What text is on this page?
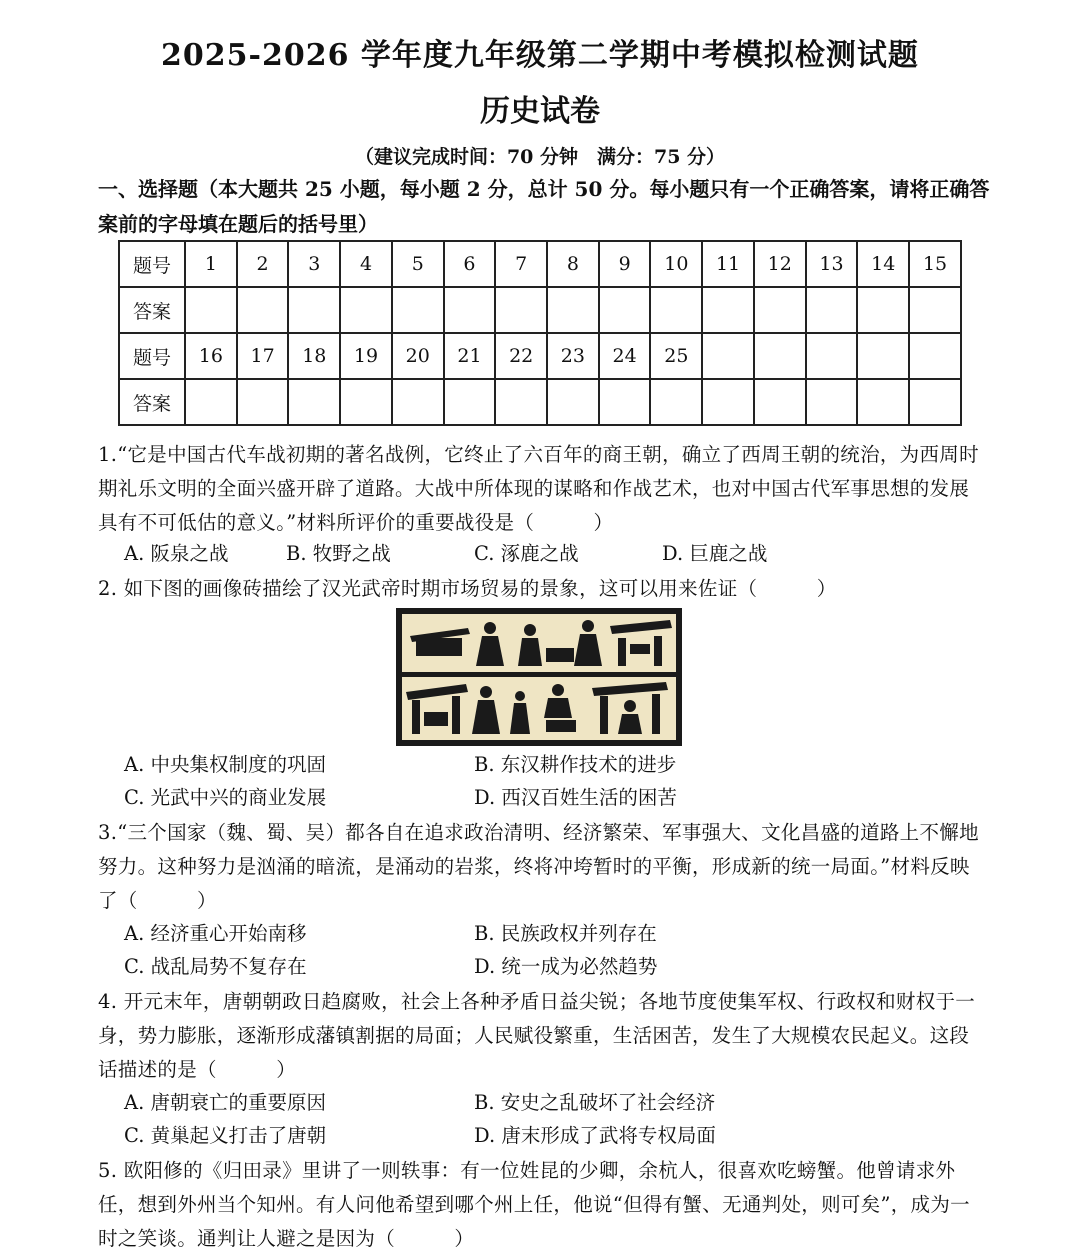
2025-2026 学年度九年级第二学期中考模拟检测试题
历史试卷
（建议完成时间：70 分钟　满分：75 分）
一、选择题（本大题共 25 小题，每小题 2 分，总计 50 分。每小题只有一个正确答案，请将正确答案前的字母填在题后的括号里）
题号	1	2	3	4	5	6	7	8	9	10	11	12	13	14	15
答案															
题号	16	17	18	19	20	21	22	23	24	25					
答案															
1.“它是中国古代车战初期的著名战例，它终止了六百年的商王朝，确立了西周王朝的统治，为西周时期礼乐文明的全面兴盛开辟了道路。大战中所体现的谋略和作战艺术，也对中国古代军事思想的发展具有不可低估的意义。”材料所评价的重要战役是（　　　）
A. 阪泉之战	B. 牧野之战	C. 涿鹿之战	D. 巨鹿之战
2. 如下图的画像砖描绘了汉光武帝时期市场贸易的景象，这可以用来佐证（　　　）
A. 中央集权制度的巩固	B. 东汉耕作技术的进步
C. 光武中兴的商业发展	D. 西汉百姓生活的困苦
3.“三个国家（魏、蜀、吴）都各自在追求政治清明、经济繁荣、军事强大、文化昌盛的道路上不懈地努力。这种努力是汹涌的暗流，是涌动的岩浆，终将冲垮暂时的平衡，形成新的统一局面。”材料反映了（　　　）
A. 经济重心开始南移	B. 民族政权并列存在
C. 战乱局势不复存在	D. 统一成为必然趋势
4. 开元末年，唐朝朝政日趋腐败，社会上各种矛盾日益尖锐；各地节度使集军权、行政权和财权于一身，势力膨胀，逐渐形成藩镇割据的局面；人民赋役繁重，生活困苦，发生了大规模农民起义。这段话描述的是（　　　）
A. 唐朝衰亡的重要原因	B. 安史之乱破坏了社会经济
C. 黄巢起义打击了唐朝	D. 唐末形成了武将专权局面
5. 欧阳修的《归田录》里讲了一则轶事：有一位姓昆的少卿，余杭人，很喜欢吃螃蟹。他曾请求外任，想到外州当个知州。有人问他希望到哪个州上任，他说“但得有蟹、无通判处，则可矣”，成为一时之笑谈。通判让人避之是因为（　　　）
